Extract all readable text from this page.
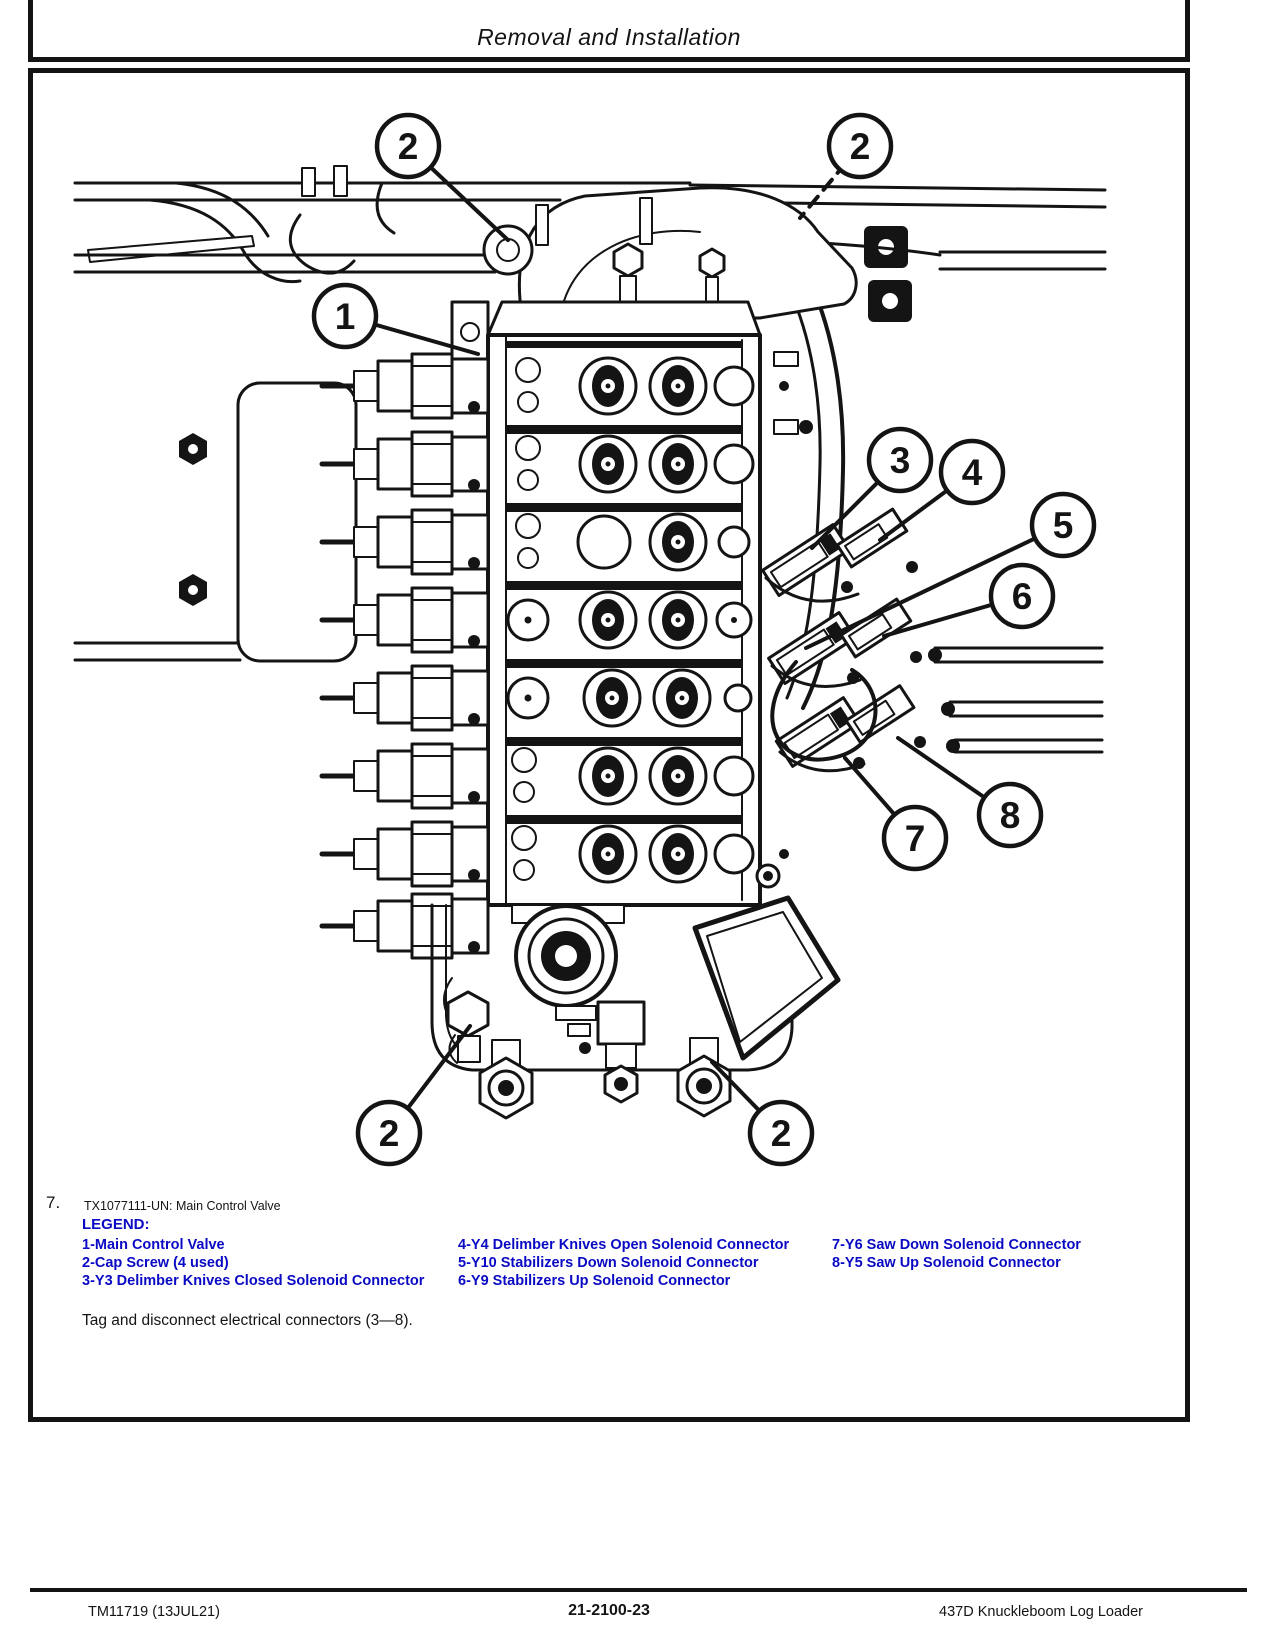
Removal and Installation
2	2
1
3 4
5
6
7
8
2	2
7. TX1077111-UN: Main Control Valve
LEGEND:
1-Main Control Valve
2-Cap Screw (4 used)
3-Y3 Delimber Knives Closed Solenoid Connector
4-Y4 Delimber Knives Open Solenoid Connector
5-Y10 Stabilizers Down Solenoid Connector
6-Y9 Stabilizers Up Solenoid Connector
7-Y6 Saw Down Solenoid Connector
8-Y5 Saw Up Solenoid Connector
Tag and disconnect electrical connectors (3—8).
TM11719 (13JUL21)	21-2100-23	437D Knuckleboom Log Loader
